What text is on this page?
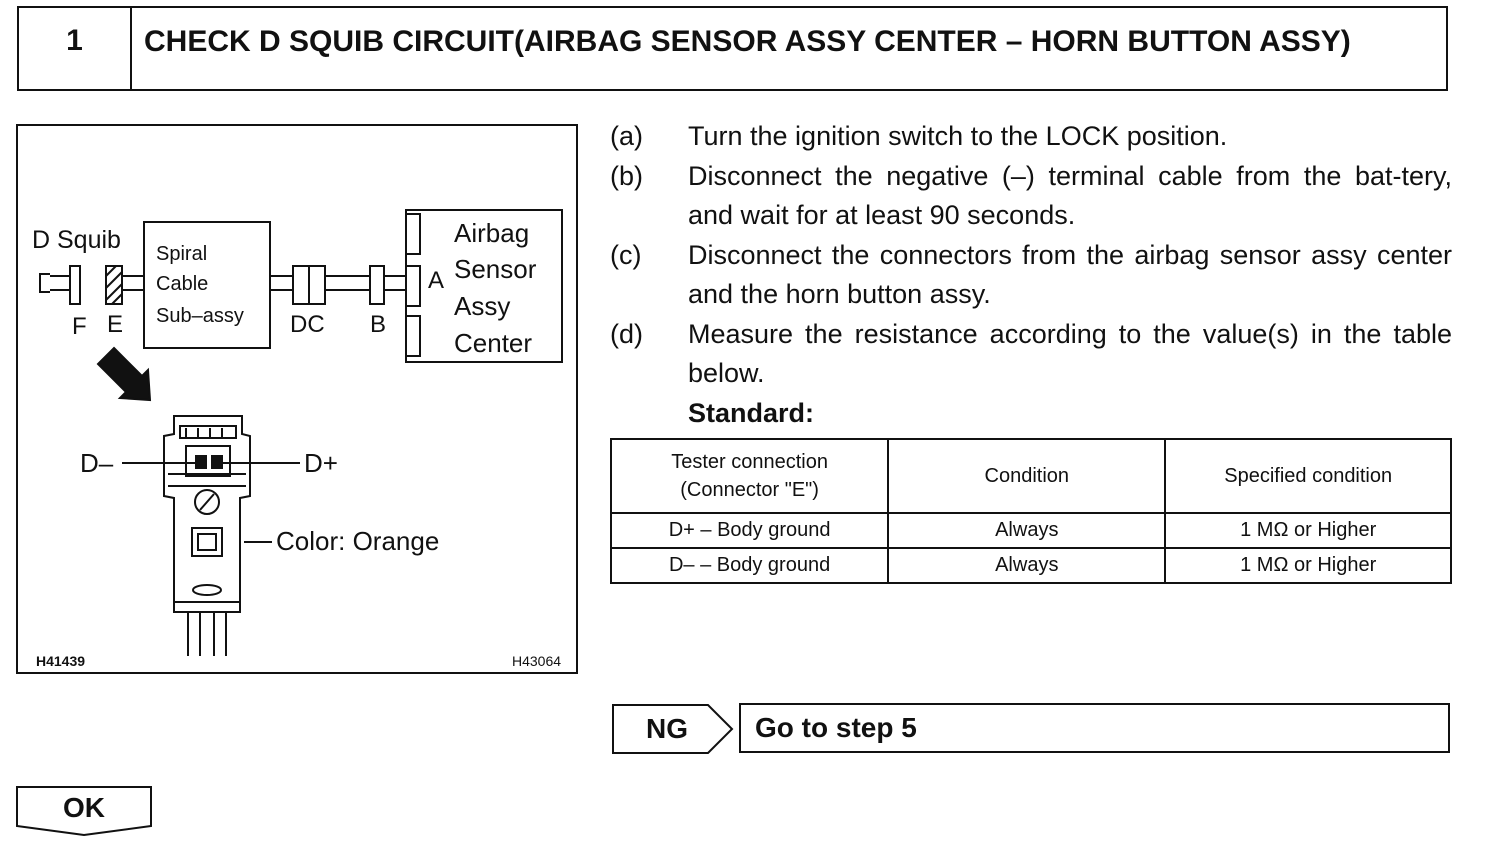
1	CHECK D SQUIB CIRCUIT(AIRBAG SENSOR ASSY CENTER – HORN BUTTON ASSY)
D Squib
F E
Spiral
Cable
Sub–assy DC B
A
Airbag
Sensor
Assy
Center
D–	D+
Color: Orange
H41439	H43064
(a)	Turn the ignition switch to the LOCK position.
(b)	Disconnect the negative (–) terminal cable from the bat-tery, and wait for at least 90 seconds.
(c)	Disconnect the connectors from the airbag sensor assy center and the horn button assy.
(d)	Measure the resistance according to the value(s) in the table below.
Standard:
Tester connection (Connector "E")	Condition	Specified condition
D+ – Body ground	Always	1 MΩ or Higher
D– – Body ground	Always	1 MΩ or Higher
NG	Go to step 5
OK
